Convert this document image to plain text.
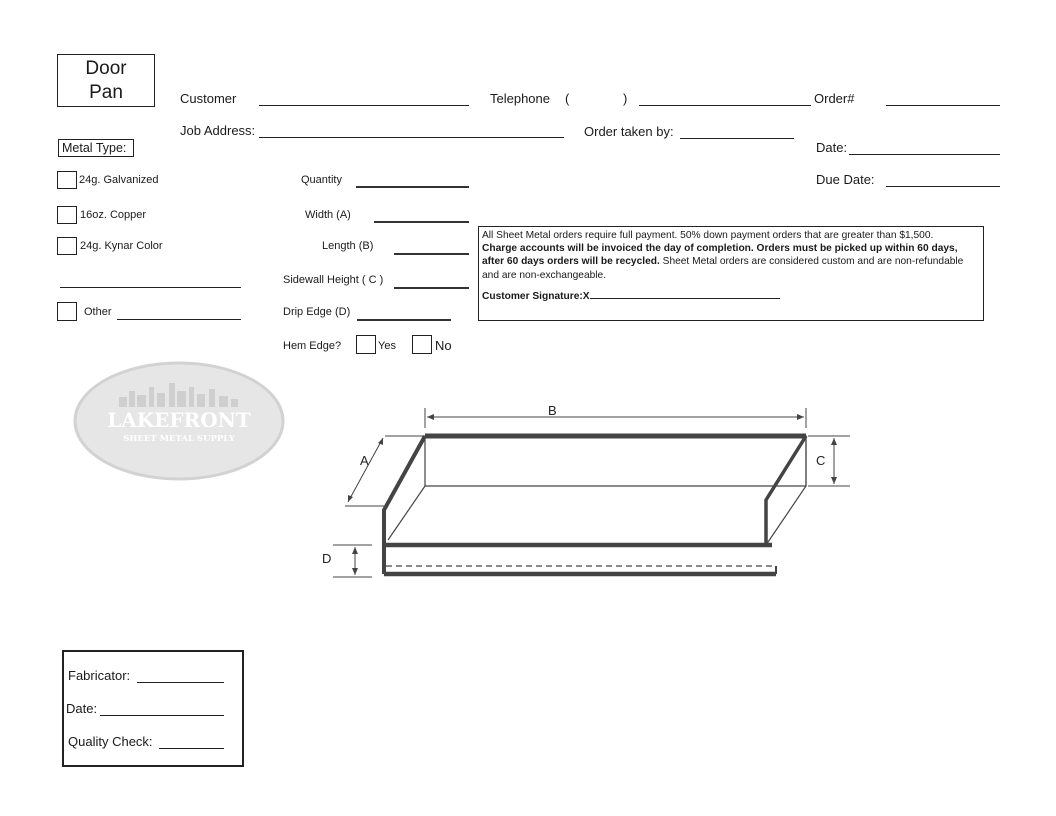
Door
Pan	Customer	Telephone (	)	Order#
Job Address:	Order taken by:
Date:
Due Date:
Metal Type:
24g. Galvanized
16oz. Copper
24g. Kynar Color
Other
Quantity
Width (A)
Length (B)
Sidewall Height ( C )
Drip Edge (D)
Hem Edge?	Yes	No
All Sheet Metal orders require full payment. 50% down payment orders that are greater than $1,500.
Charge accounts will be invoiced the day of completion. Orders must be picked up within 60 days, after 60 days orders will be recycled. Sheet Metal orders are considered custom and are non-refundable and are non-exchangeable.
Customer Signature:X
LAKEFRONT
SHEET METAL SUPPLY
B
A	C
D
Fabricator:
Date:
Quality Check:
